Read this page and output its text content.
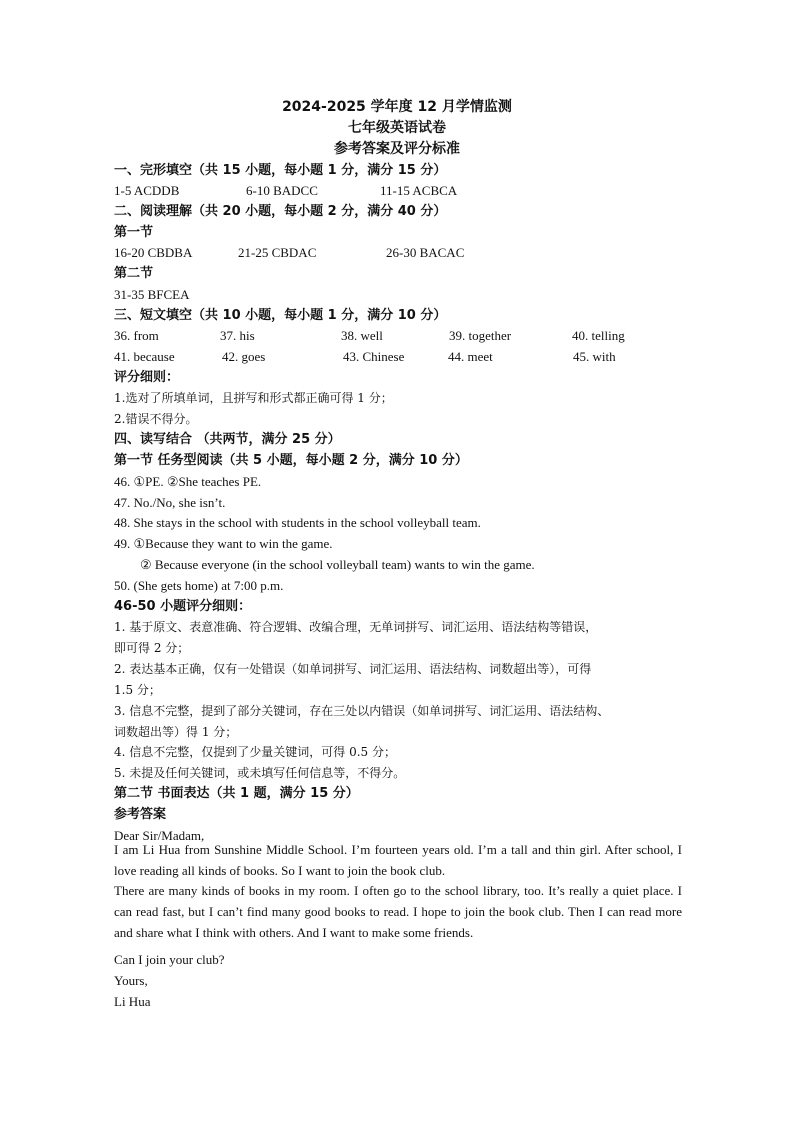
2024-2025 学年度 12 月学情监测
七年级英语试卷
参考答案及评分标准
一、完形填空（共 15 小题，每小题 1 分，满分 15 分）
1-5 ACDDB	6-10 BADCC	11-15 ACBCA
二、阅读理解（共 20 小题，每小题 2 分，满分 40 分）
第一节
16-20 CBDBA	21-25 CBDAC	26-30 BACAC
第二节
31-35 BFCEA
三、短文填空（共 10 小题，每小题 1 分，满分 10 分）
36. from	37. his	38. well	39. together	40. telling
41. because	42. goes	43. Chinese	44. meet	45. with
评分细则：
1.选对了所填单词，且拼写和形式都正确可得 1 分；
2.错误不得分。
四、读写结合 （共两节，满分 25 分）
第一节 任务型阅读（共 5 小题，每小题 2 分，满分 10 分）
46. ①PE. ②She teaches PE.
47. No./No, she isn’t.
48. She stays in the school with students in the school volleyball team.
49. ①Because they want to win the game.
② Because everyone (in the school volleyball team) wants to win the game.
50. (She gets home) at 7:00 p.m.
46-50 小题评分细则：
1. 基于原文、表意准确、符合逻辑、改编合理，无单词拼写、词汇运用、语法结构等错误，
即可得 2 分；
2. 表达基本正确，仅有一处错误（如单词拼写、词汇运用、语法结构、词数超出等），可得
1.5 分；
3. 信息不完整，提到了部分关键词，存在三处以内错误（如单词拼写、词汇运用、语法结构、
词数超出等）得 1 分；
4. 信息不完整，仅提到了少量关键词，可得 0.5 分；
5. 未提及任何关键词，或未填写任何信息等，不得分。
第二节 书面表达（共 1 题，满分 15 分）
参考答案
Dear Sir/Madam,
I am Li Hua from Sunshine Middle School. I’m fourteen years old. I’m a tall and thin girl. After school, I love reading all kinds of books. So I want to join the book club.
There are many kinds of books in my room. I often go to the school library, too. It’s really a quiet place. I can read fast, but I can’t find many good books to read. I hope to join the book club. Then I can read more and share what I think with others. And I want to make some friends.
Can I join your club?
Yours,
Li Hua
